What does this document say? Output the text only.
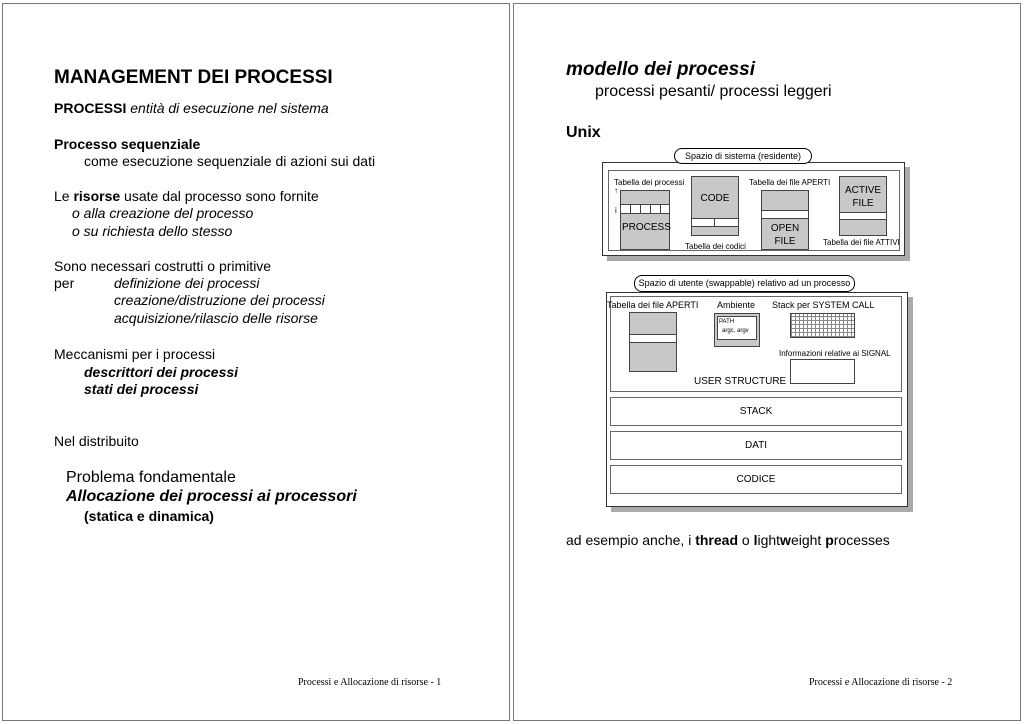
MANAGEMENT DEI PROCESSI
PROCESSI entità di esecuzione nel sistema
Processo sequenziale
come esecuzione sequenziale di azioni sui dati
Le risorse usate dal processo sono fornite
o alla creazione del processo
o su richiesta dello stesso
Sono necessari costrutti o primitive
per	definizione dei processi
creazione/distruzione dei processi
acquisizione/rilascio delle risorse
Meccanismi per i processi
descrittori dei processi
stati dei processi
Nel distribuito
Problema fondamentale
Allocazione dei processi ai processori
(statica e dinamica)
Processi e Allocazione di risorse - 1
modello dei processi
processi pesanti/ processi leggeri
Unix
Spazio di sistema (residente)
Tabella dei processi
↑
i
PROCESS
CODE
Tabella dei codici
Tabella dei file APERTI
OPEN
FILE
ACTIVE
FILE
Tabella dei file ATTIVI
Spazio di utente (swappable) relativo ad un processo
Tabella dei file APERTI Ambiente
PATH
argc, argv
Stack per SYSTEM CALL
Informazioni relative ai SIGNAL
USER STRUCTURE
STACK
DATI
CODICE
ad esempio anche, i thread o lightweight processes
Processi e Allocazione di risorse - 2
